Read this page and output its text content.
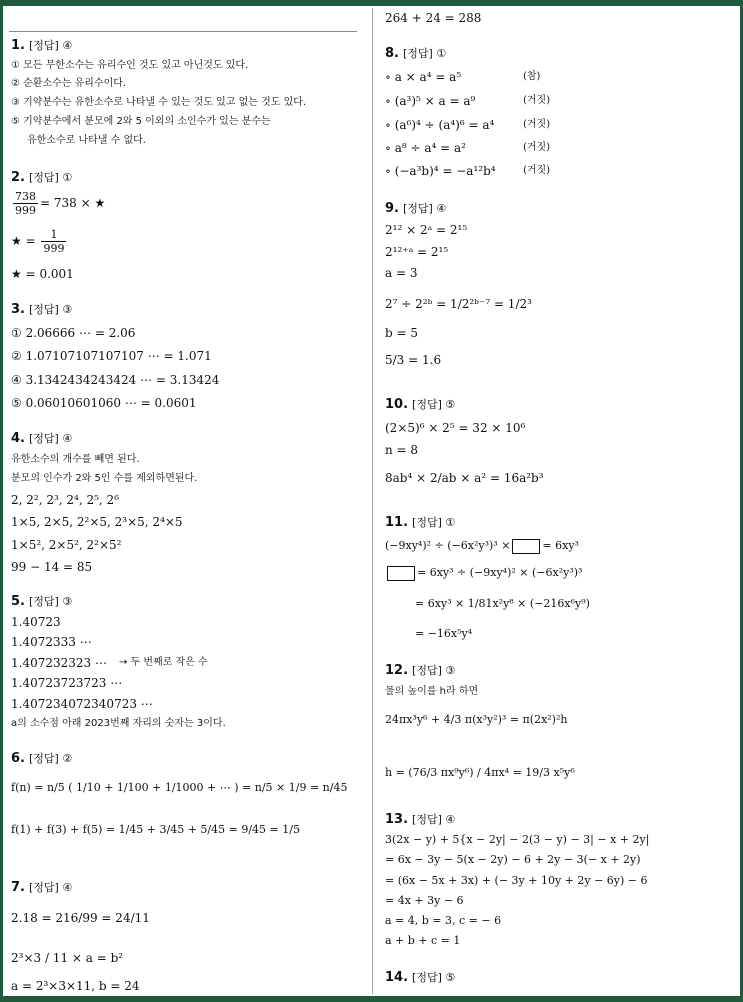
1. [정답] ④
① 모든 무한소수는 유리수인 것도 있고 아닌것도 있다.
② 순환소수는 유리수이다.
③ 기약분수는 유한소수로 나타낼 수 있는 것도 있고 없는 것도 있다.
⑤ 기약분수에서 분모에 2와 5 이외의 소인수가 있는 분수는
유한소수로 나타낼 수 없다.
2. [정답] ①
$\frac{738}{999} = 738$ × ★
★ = $\frac{1}{999}$
★ = 0.001
3. [정답] ③
① 2.06666 ⋯ = 2.06
② 1.07107107107107 ⋯ = 1.071
④ 3.1342434243424 ⋯ = 3.13424
⑤ 0.06010601060 ⋯ = 0.0601
4. [정답] ④
유한소수의 개수를 빼면 된다.
분모의 인수가 2와 5인 수를 제외하면된다.
2, 2², 2³, 2⁴, 2⁵, 2⁶
1×5, 2×5, 2²×5, 2³×5, 2⁴×5
1×5², 2×5², 2²×5²
99 − 14 = 85
5. [정답] ③
1.40723
1.4072333 ⋯
1.407232323 ⋯ → 두 번째로 작은 수
1.40723723723 ⋯
1.407234072340723 ⋯
a의 소수점 아래 2023번째 자리의 숫자는 3이다.
6. [정답] ②
f(n) = n/5 ( 1/10 + 1/100 + 1/1000 + ⋯ ) = n/5 × 1/9 = n/45
f(1) + f(3) + f(5) = 1/45 + 3/45 + 5/45 = 9/45 = 1/5
7. [정답] ④
2.18 = 216/99 = 24/11
2³×3 / 11 × a = b²
a = 2³×3×11, b = 24
264 + 24 = 288
8. [정답] ①
∘ a × a⁴ = a⁵	(참)
∘ (a³)⁵ × a = a⁹	(거짓)
∘ (a⁶)⁴ ÷ (a⁴)⁶ = a⁴	(거짓)
∘ a⁸ ÷ a⁴ = a²	(거짓)
∘ (−a³b)⁴ = −a¹²b⁴	(거짓)
9. [정답] ④
2¹² × 2ᵃ = 2¹⁵
2¹²⁺ᵃ = 2¹⁵
a = 3
2⁷ ÷ 2²ᵇ = 1/2²ᵇ⁻⁷ = 1/2³
b = 5
5/3 = 1.6
10. [정답] ⑤
(2×5)⁶ × 2⁵ = 32 × 10⁶
n = 8
8ab⁴ × 2/ab × a² = 16a²b³
11. [정답] ①
(−9xy⁴)² ÷ (−6x²y³)³ ×	= 6xy³
= 6xy³ ÷ (−9xy⁴)² × (−6x²y³)³
= 6xy³ × 1/81x²y⁸ × (−216x⁶y⁹)
= −16x⁵y⁴
12. [정답] ③
물의 높이를 h라 하면
24πx³y⁶ + 4/3 π(x³y²)³ = π(2x²)²h
h = (76/3 πx⁹y⁶) / 4πx⁴ = 19/3 x⁵y⁶
13. [정답] ④
3(2x − y) + 5{x − 2y| − 2(3 − y) − 3| − x + 2y|
= 6x − 3y − 5(x − 2y) − 6 + 2y − 3(− x + 2y)
= (6x − 5x + 3x) + (− 3y + 10y + 2y − 6y) − 6
= 4x + 3y − 6
a = 4, b = 3, c = − 6
a + b + c = 1
14. [정답] ⑤
